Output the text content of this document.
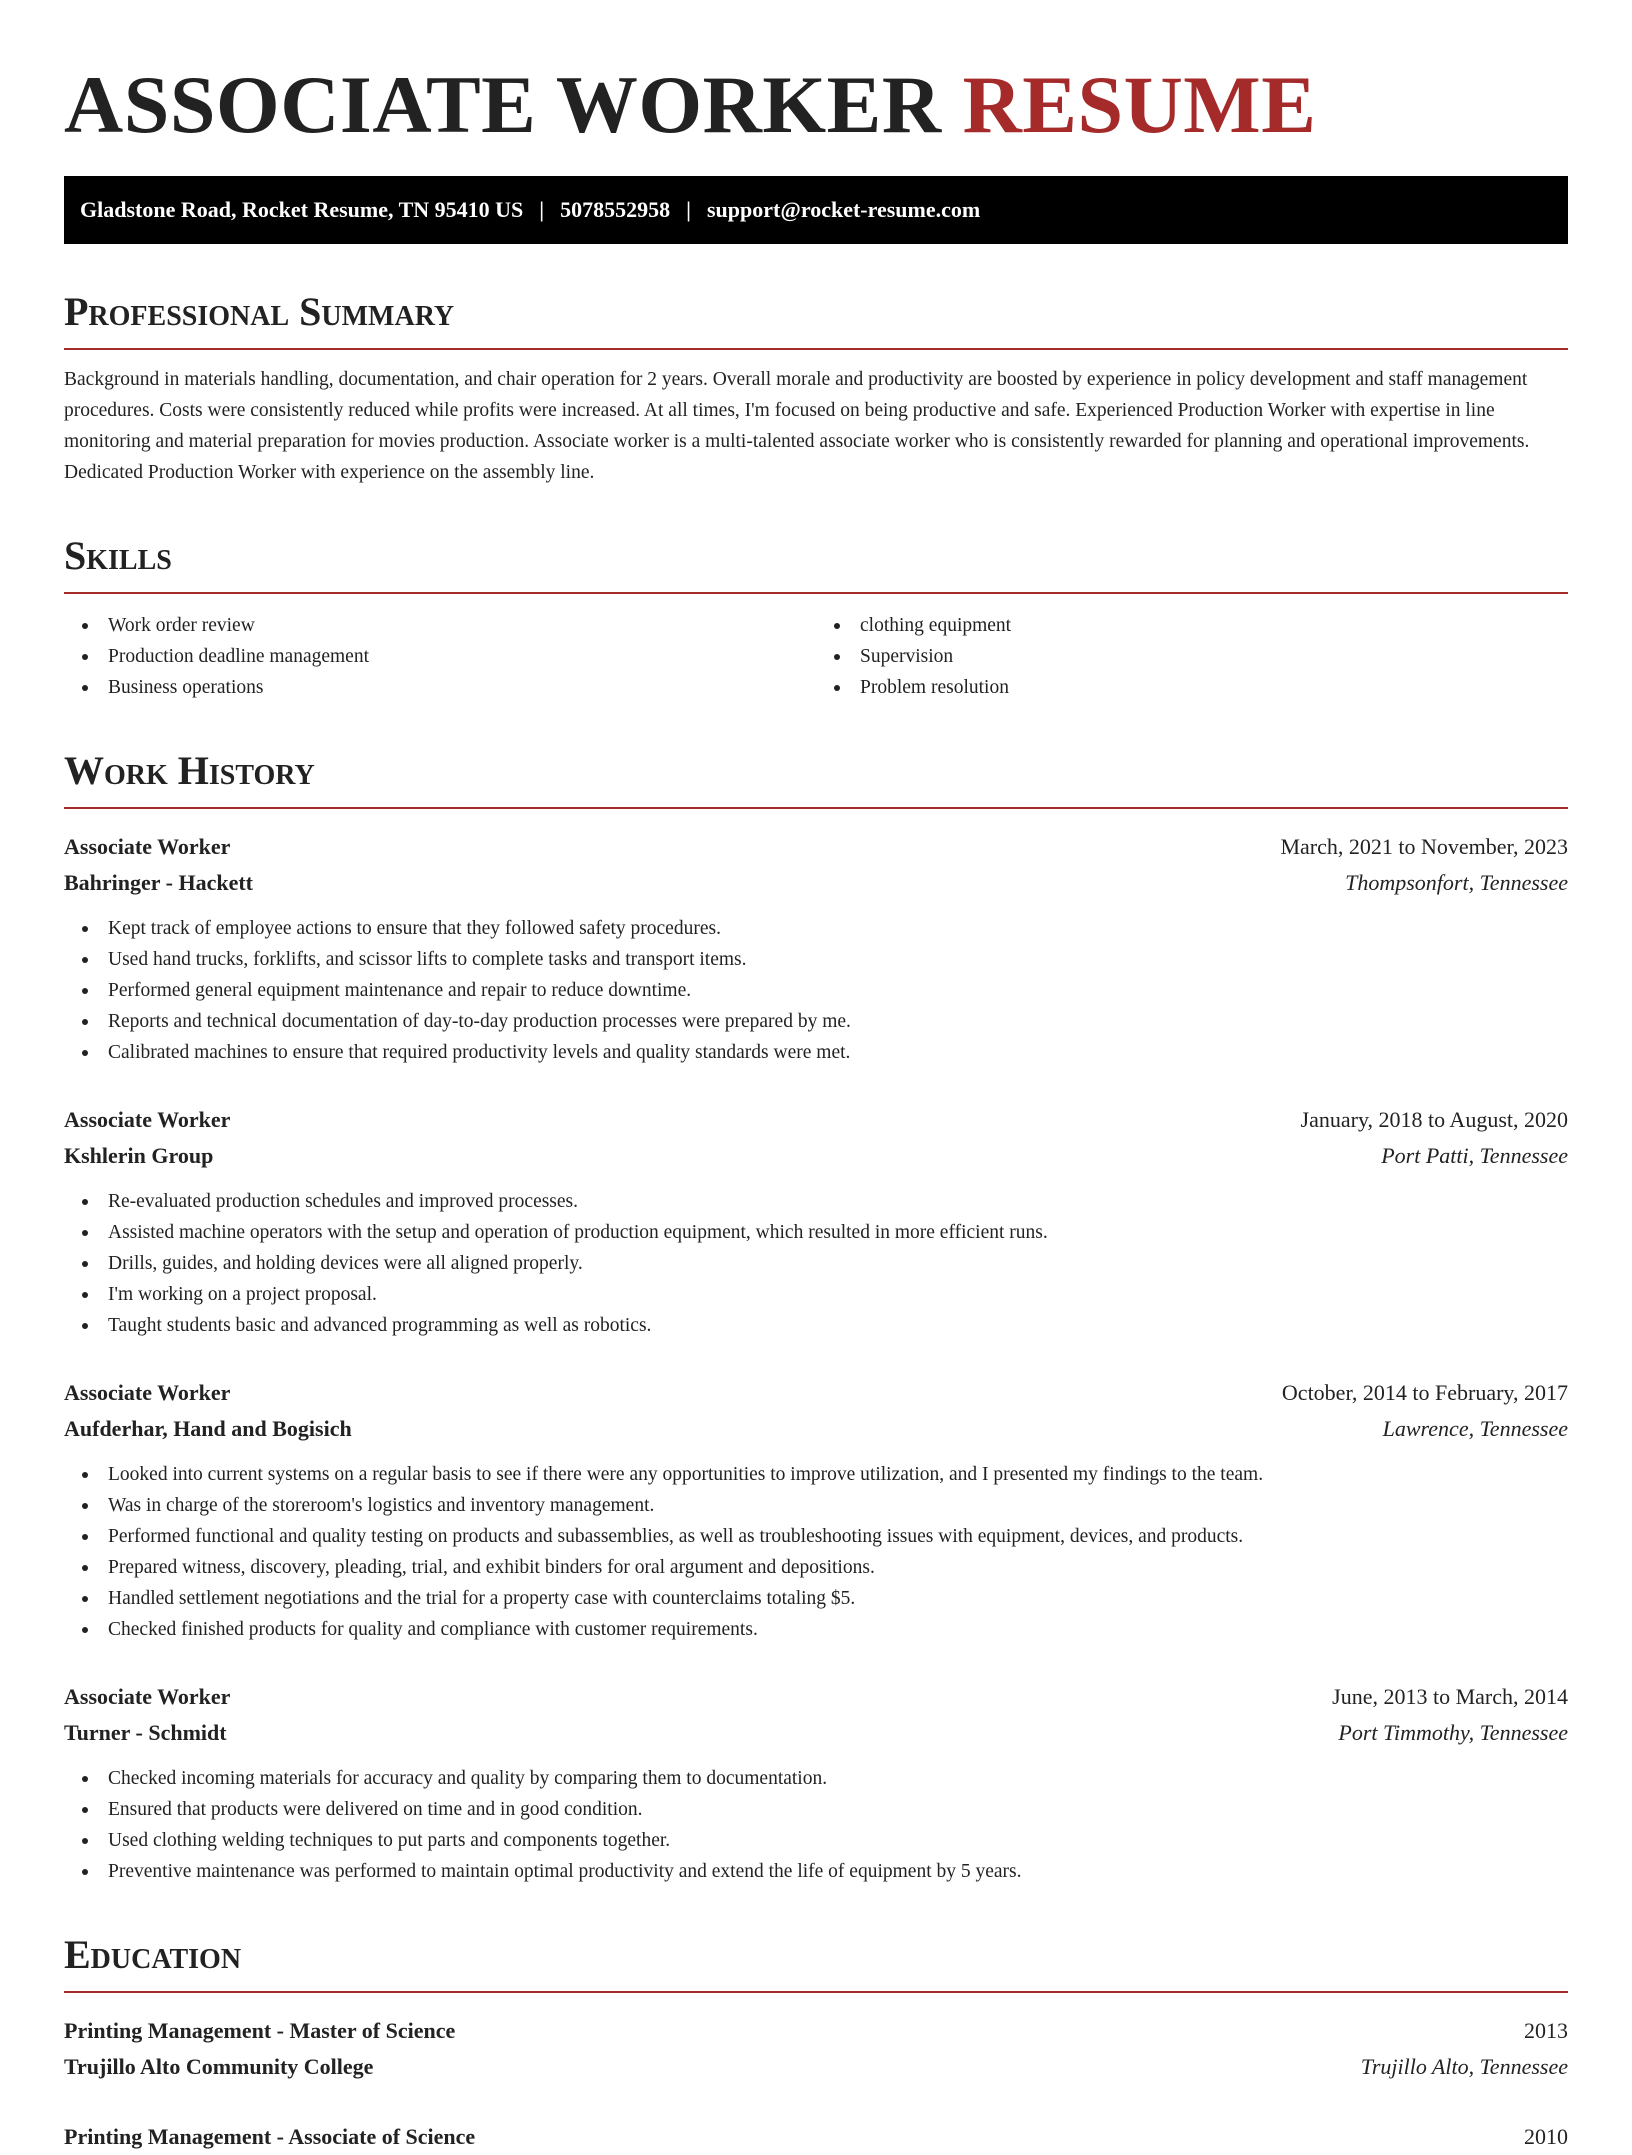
ASSOCIATE WORKER RESUME
Gladstone Road, Rocket Resume, TN 95410 US | 5078552958 | support@rocket-resume.com
Professional Summary

Background in materials handling, documentation, and chair operation for 2 years. Overall morale and productivity are boosted by experience in policy development and staff management procedures. Costs were consistently reduced while profits were increased. At all times, I'm focused on being productive and safe. Experienced Production Worker with expertise in line monitoring and material preparation for movies production. Associate worker is a multi-talented associate worker who is consistently rewarded for planning and operational improvements. Dedicated Production Worker with experience on the assembly line.

Skills
Work order review
Production deadline management
Business operations
clothing equipment
Supervision
Problem resolution
Work History
Associate Worker	March, 2021 to November, 2023
Bahringer - Hackett	Thompsonfort, Tennessee
Kept track of employee actions to ensure that they followed safety procedures.
Used hand trucks, forklifts, and scissor lifts to complete tasks and transport items.
Performed general equipment maintenance and repair to reduce downtime.
Reports and technical documentation of day-to-day production processes were prepared by me.
Calibrated machines to ensure that required productivity levels and quality standards were met.
Associate Worker	January, 2018 to August, 2020
Kshlerin Group	Port Patti, Tennessee
Re-evaluated production schedules and improved processes.
Assisted machine operators with the setup and operation of production equipment, which resulted in more efficient runs.
Drills, guides, and holding devices were all aligned properly.
I'm working on a project proposal.
Taught students basic and advanced programming as well as robotics.
Associate Worker	October, 2014 to February, 2017
Aufderhar, Hand and Bogisich	Lawrence, Tennessee
Looked into current systems on a regular basis to see if there were any opportunities to improve utilization, and I presented my findings to the team.
Was in charge of the storeroom's logistics and inventory management.
Performed functional and quality testing on products and subassemblies, as well as troubleshooting issues with equipment, devices, and products.
Prepared witness, discovery, pleading, trial, and exhibit binders for oral argument and depositions.
Handled settlement negotiations and the trial for a property case with counterclaims totaling $5.
Checked finished products for quality and compliance with customer requirements.
Associate Worker	June, 2013 to March, 2014
Turner - Schmidt	Port Timmothy, Tennessee
Checked incoming materials for accuracy and quality by comparing them to documentation.
Ensured that products were delivered on time and in good condition.
Used clothing welding techniques to put parts and components together.
Preventive maintenance was performed to maintain optimal productivity and extend the life of equipment by 5 years.
Education
Printing Management - Master of Science	2013
Trujillo Alto Community College	Trujillo Alto, Tennessee
Printing Management - Associate of Science	2010
